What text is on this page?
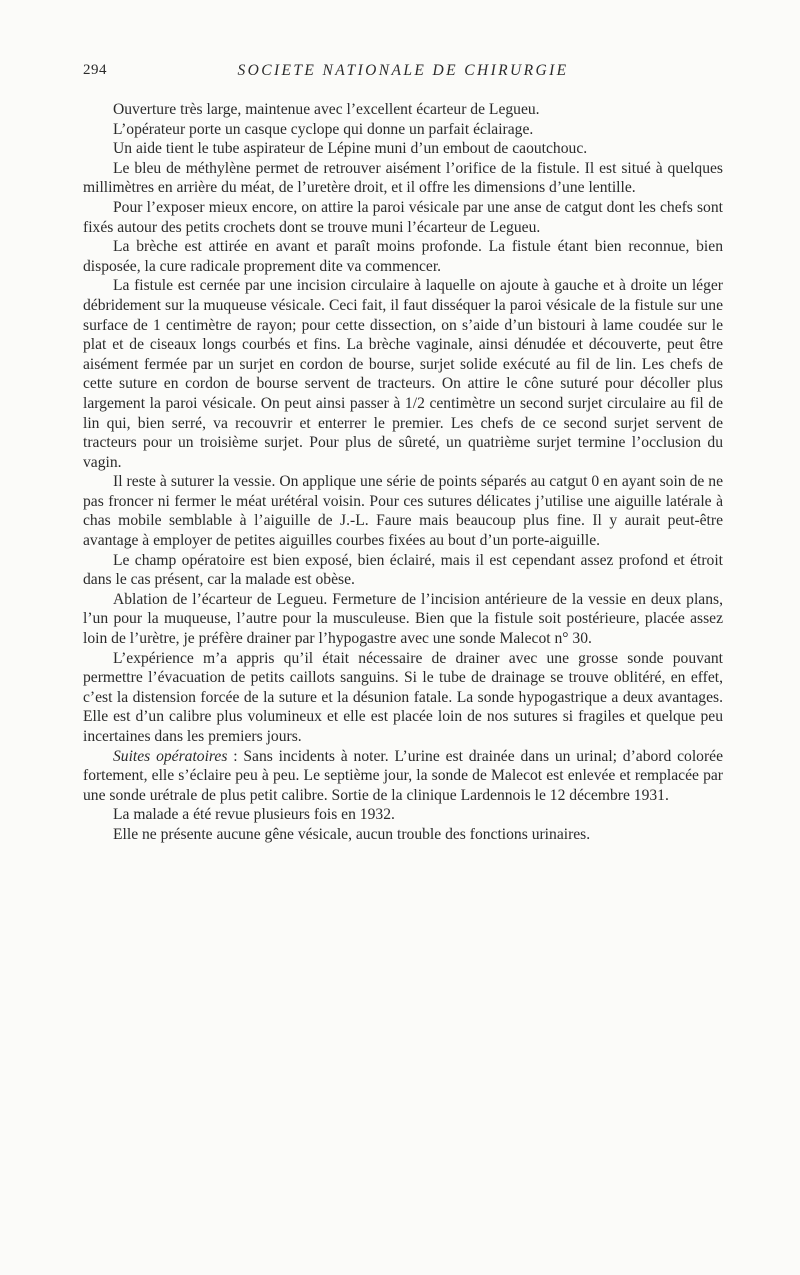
294	SOCIETE NATIONALE DE CHIRURGIE

Ouverture très large, maintenue avec l’excellent écarteur de Legueu.

L’opérateur porte un casque cyclope qui donne un parfait éclairage.

Un aide tient le tube aspirateur de Lépine muni d’un embout de caoutchouc.

Le bleu de méthylène permet de retrouver aisément l’orifice de la fistule. Il est situé à quelques millimètres en arrière du méat, de l’uretère droit, et il offre les dimensions d’une lentille.

Pour l’exposer mieux encore, on attire la paroi vésicale par une anse de catgut dont les chefs sont fixés autour des petits crochets dont se trouve muni l’écarteur de Legueu.

La brèche est attirée en avant et paraît moins profonde. La fistule étant bien reconnue, bien disposée, la cure radicale proprement dite va commencer.

La fistule est cernée par une incision circulaire à laquelle on ajoute à gauche et à droite un léger débridement sur la muqueuse vésicale. Ceci fait, il faut disséquer la paroi vésicale de la fistule sur une surface de 1 centimètre de rayon; pour cette dissection, on s’aide d’un bistouri à lame coudée sur le plat et de ciseaux longs courbés et fins. La brèche vaginale, ainsi dénudée et découverte, peut être aisément fermée par un surjet en cordon de bourse, surjet solide exécuté au fil de lin. Les chefs de cette suture en cordon de bourse servent de tracteurs. On attire le cône suturé pour décoller plus largement la paroi vésicale. On peut ainsi passer à 1/2 centimètre un second surjet circulaire au fil de lin qui, bien serré, va recouvrir et enterrer le premier. Les chefs de ce second surjet servent de tracteurs pour un troisième surjet. Pour plus de sûreté, un quatrième surjet termine l’occlusion du vagin.

Il reste à suturer la vessie. On applique une série de points séparés au catgut 0 en ayant soin de ne pas froncer ni fermer le méat urétéral voisin. Pour ces sutures délicates j’utilise une aiguille latérale à chas mobile semblable à l’aiguille de J.-L. Faure mais beaucoup plus fine. Il y aurait peut-être avantage à employer de petites aiguilles courbes fixées au bout d’un porte-aiguille.

Le champ opératoire est bien exposé, bien éclairé, mais il est cependant assez profond et étroit dans le cas présent, car la malade est obèse.

Ablation de l’écarteur de Legueu. Fermeture de l’incision antérieure de la vessie en deux plans, l’un pour la muqueuse, l’autre pour la musculeuse. Bien que la fistule soit postérieure, placée assez loin de l’urètre, je préfère drainer par l’hypogastre avec une sonde Malecot n° 30.

L’expérience m’a appris qu’il était nécessaire de drainer avec une grosse sonde pouvant permettre l’évacuation de petits caillots sanguins. Si le tube de drainage se trouve oblitéré, en effet, c’est la distension forcée de la suture et la désunion fatale. La sonde hypogastrique a deux avantages. Elle est d’un calibre plus volumineux et elle est placée loin de nos sutures si fragiles et quelque peu incertaines dans les premiers jours.

Suites opératoires : Sans incidents à noter. L’urine est drainée dans un urinal; d’abord colorée fortement, elle s’éclaire peu à peu. Le septième jour, la sonde de Malecot est enlevée et remplacée par une sonde urétrale de plus petit calibre. Sortie de la clinique Lardennois le 12 décembre 1931.

La malade a été revue plusieurs fois en 1932.

Elle ne présente aucune gêne vésicale, aucun trouble des fonctions urinaires.
